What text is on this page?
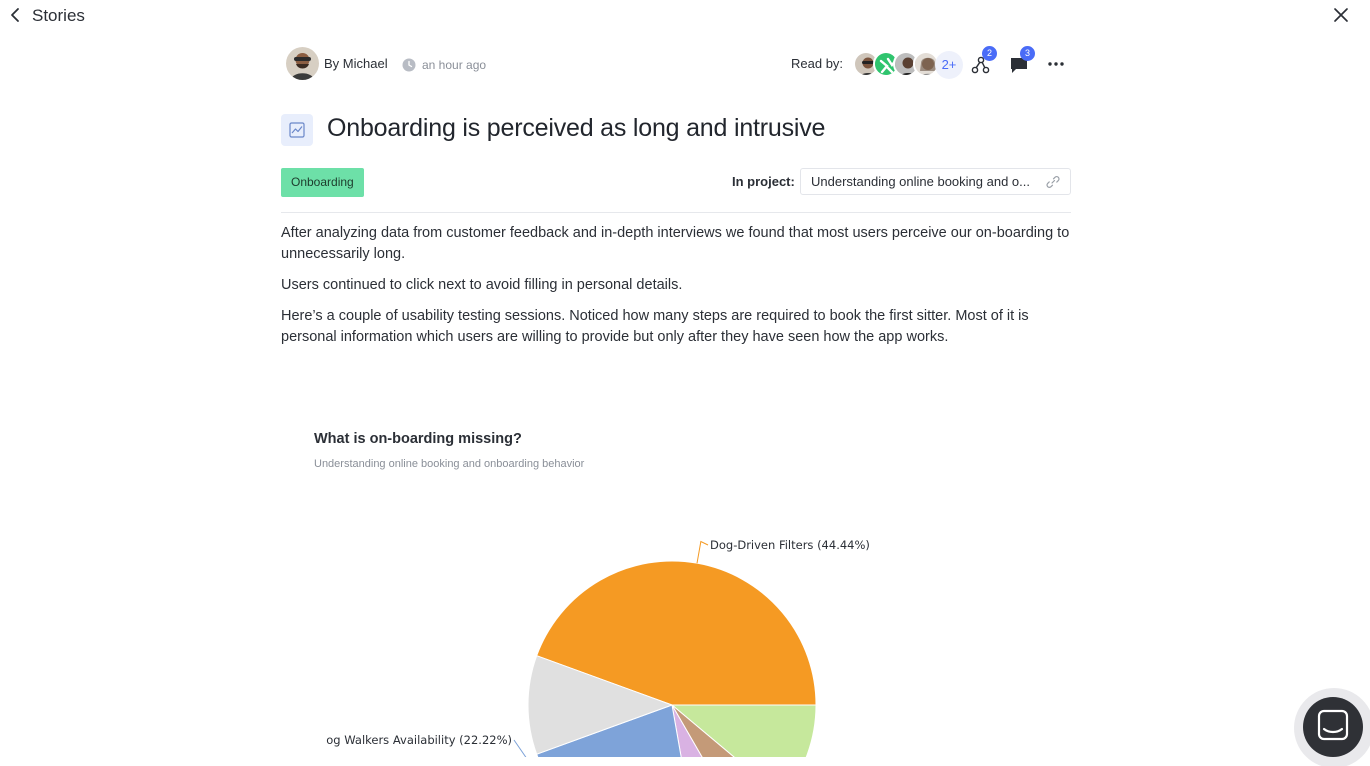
Stories
By Michael	an hour ago	Read by:	2+
2	3
Onboarding is perceived as long and intrusive
Onboarding	In project: Understanding online booking and o...

After analyzing data from customer feedback and in-depth interviews we found that most users perceive our on-boarding to unnecessarily long.

Users continued to click next to avoid filling in personal details.

Here’s a couple of usability testing sessions. Noticed how many steps are required to book the first sitter. Most of it is personal information which users are willing to provide but only after they have seen how the app works.

What is on-boarding missing?
Understanding online booking and onboarding behavior
Dog-Driven Filters (44.44%)
og Walkers Availability (22.22%)
